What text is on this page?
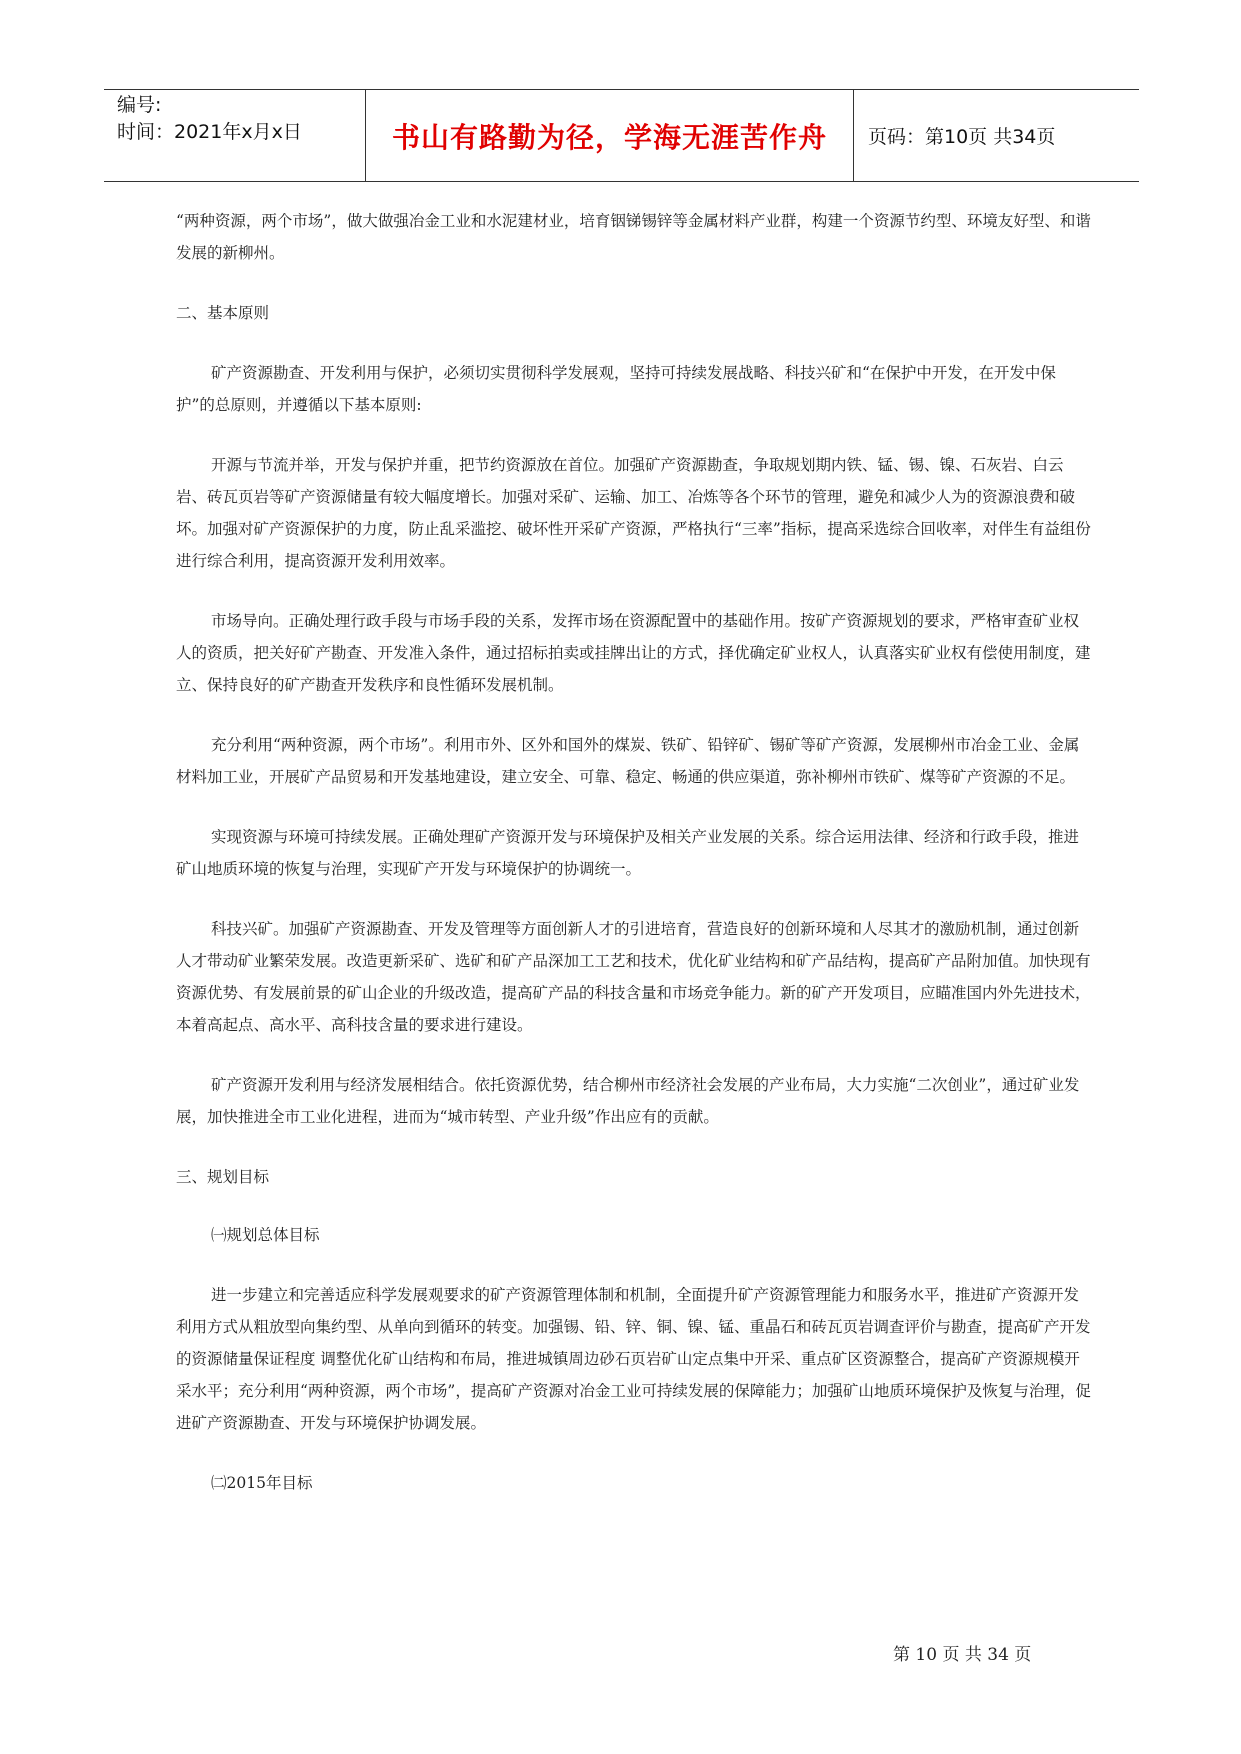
编号:
时间：2021年x月x日	书山有路勤为径，学海无涯苦作舟	页码：第10页 共34页

“两种资源，两个市场”，做大做强冶金工业和水泥建材业，培育铟锑锡锌等金属材料产业群，构建一个资源节约型、环境友好型、和谐发展的新柳州。

二、基本原则

矿产资源勘查、开发利用与保护，必须切实贯彻科学发展观，坚持可持续发展战略、科技兴矿和“在保护中开发，在开发中保护”的总原则，并遵循以下基本原则:

开源与节流并举，开发与保护并重，把节约资源放在首位。加强矿产资源勘查，争取规划期内铁、锰、锡、镍、石灰岩、白云岩、砖瓦页岩等矿产资源储量有较大幅度增长。加强对采矿、运输、加工、冶炼等各个环节的管理，避免和减少人为的资源浪费和破坏。加强对矿产资源保护的力度，防止乱采滥挖、破坏性开采矿产资源，严格执行“三率”指标，提高采选综合回收率，对伴生有益组份进行综合利用，提高资源开发利用效率。

市场导向。正确处理行政手段与市场手段的关系，发挥市场在资源配置中的基础作用。按矿产资源规划的要求，严格审查矿业权人的资质，把关好矿产勘查、开发准入条件，通过招标拍卖或挂牌出让的方式，择优确定矿业权人，认真落实矿业权有偿使用制度，建立、保持良好的矿产勘查开发秩序和良性循环发展机制。

充分利用“两种资源，两个市场”。利用市外、区外和国外的煤炭、铁矿、铅锌矿、锡矿等矿产资源，发展柳州市冶金工业、金属材料加工业，开展矿产品贸易和开发基地建设，建立安全、可靠、稳定、畅通的供应渠道，弥补柳州市铁矿、煤等矿产资源的不足。

实现资源与环境可持续发展。正确处理矿产资源开发与环境保护及相关产业发展的关系。综合运用法律、经济和行政手段，推进矿山地质环境的恢复与治理，实现矿产开发与环境保护的协调统一。

科技兴矿。加强矿产资源勘查、开发及管理等方面创新人才的引进培育，营造良好的创新环境和人尽其才的激励机制，通过创新人才带动矿业繁荣发展。改造更新采矿、选矿和矿产品深加工工艺和技术，优化矿业结构和矿产品结构，提高矿产品附加值。加快现有资源优势、有发展前景的矿山企业的升级改造，提高矿产品的科技含量和市场竞争能力。新的矿产开发项目，应瞄准国内外先进技术，本着高起点、高水平、高科技含量的要求进行建设。

矿产资源开发利用与经济发展相结合。依托资源优势，结合柳州市经济社会发展的产业布局，大力实施“二次创业”，通过矿业发展，加快推进全市工业化进程，进而为“城市转型、产业升级”作出应有的贡献。

三、规划目标

㈠规划总体目标

进一步建立和完善适应科学发展观要求的矿产资源管理体制和机制，全面提升矿产资源管理能力和服务水平，推进矿产资源开发利用方式从粗放型向集约型、从单向到循环的转变。加强锡、铅、锌、铜、镍、锰、重晶石和砖瓦页岩调查评价与勘查，提高矿产开发的资源储量保证程度 调整优化矿山结构和布局，推进城镇周边砂石页岩矿山定点集中开采、重点矿区资源整合，提高矿产资源规模开采水平；充分利用“两种资源，两个市场”，提高矿产资源对冶金工业可持续发展的保障能力；加强矿山地质环境保护及恢复与治理，促进矿产资源勘查、开发与环境保护协调发展。

㈡2015年目标

第 10 页 共 34 页
